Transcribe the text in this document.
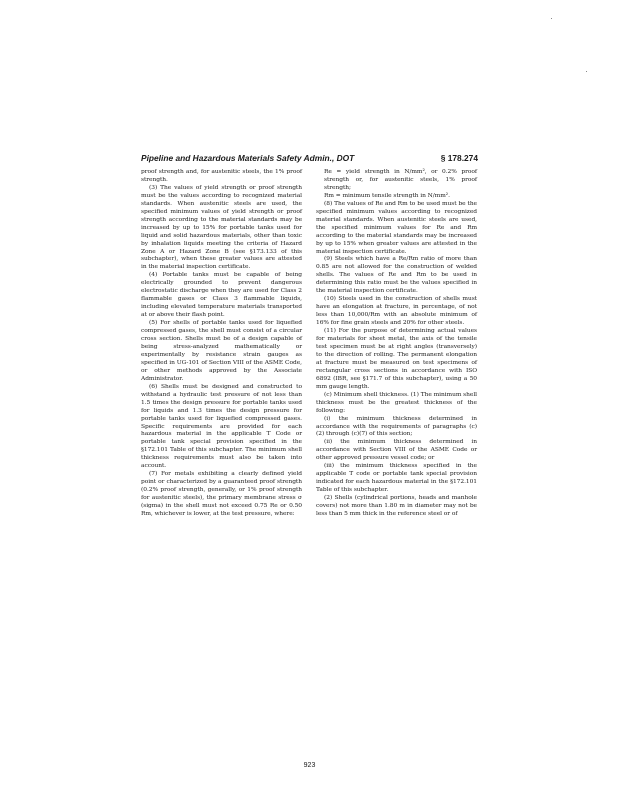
Pipeline and Hazardous Materials Safety Admin., DOT	§ 178.274

proof strength and, for austenitic steels, the 1% proof strength.

(3) The values of yield strength or proof strength must be the values according to recognized material standards. When austenitic steels are used, the specified minimum values of yield strength or proof strength according to the material standards may be increased by up to 15% for portable tanks used for liquid and solid hazardous materials, other than toxic by inhalation liquids meeting the criteria of Hazard Zone A or Hazard Zone B (see §173.133 of this subchapter), when these greater values are attested in the material inspection certificate.

(4) Portable tanks must be capable of being electrically grounded to prevent dangerous electrostatic discharge when they are used for Class 2 flammable gases or Class 3 flammable liquids, including elevated temperature materials transported at or above their flash point.

(5) For shells of portable tanks used for liquefied compressed gases, the shell must consist of a circular cross section. Shells must be of a design capable of being stress-analyzed mathematically or experimentally by resistance strain gauges as specified in UG-101 of Section VIII of the ASME Code, or other methods approved by the Associate Administrator.

(6) Shells must be designed and constructed to withstand a hydraulic test pressure of not less than 1.5 times the design pressure for portable tanks used for liquids and 1.3 times the design pressure for portable tanks used for liquefied compressed gases. Specific requirements are provided for each hazardous material in the applicable T Code or portable tank special provision specified in the §172.101 Table of this subchapter. The minimum shell thickness requirements must also be taken into account.

(7) For metals exhibiting a clearly defined yield point or characterized by a guaranteed proof strength (0.2% proof strength, generally, or 1% proof strength for austenitic steels), the primary membrane stress σ (sigma) in the shell must not exceed 0.75 Re or 0.50 Rm, whichever is lower, at the test pressure, where:

Re = yield strength in N/mm², or 0.2% proof strength or, for austenitic steels, 1% proof strength;

Rm = minimum tensile strength in N/mm².

(8) The values of Re and Rm to be used must be the specified minimum values according to recognized material standards. When austenitic steels are used, the specified minimum values for Re and Rm according to the material standards may be increased by up to 15% when greater values are attested in the material inspection certificate.

(9) Steels which have a Re/Rm ratio of more than 0.85 are not allowed for the construction of welded shells. The values of Re and Rm to be used in determining this ratio must be the values specified in the material inspection certificate.

(10) Steels used in the construction of shells must have an elongation at fracture, in percentage, of not less than 10,000/Rm with an absolute minimum of 16% for fine grain steels and 20% for other steels.

(11) For the purpose of determining actual values for materials for sheet metal, the axis of the tensile test specimen must be at right angles (transversely) to the direction of rolling. The permanent elongation at fracture must be measured on test specimens of rectangular cross sections in accordance with ISO 6892 (IBR, see §171.7 of this subchapter), using a 50 mm gauge length.

(c) Minimum shell thickness. (1) The minimum shell thickness must be the greatest thickness of the following:

(i) the minimum thickness determined in accordance with the requirements of paragraphs (c)(2) through (c)(7) of this section;

(ii) the minimum thickness determined in accordance with Section VIII of the ASME Code or other approved pressure vessel code; or

(iii) the minimum thickness specified in the applicable T code or portable tank special provision indicated for each hazardous material in the §172.101 Table of this subchapter.

(2) Shells (cylindrical portions, heads and manhole covers) not more than 1.80 m in diameter may not be less than 5 mm thick in the reference steel or of

923
